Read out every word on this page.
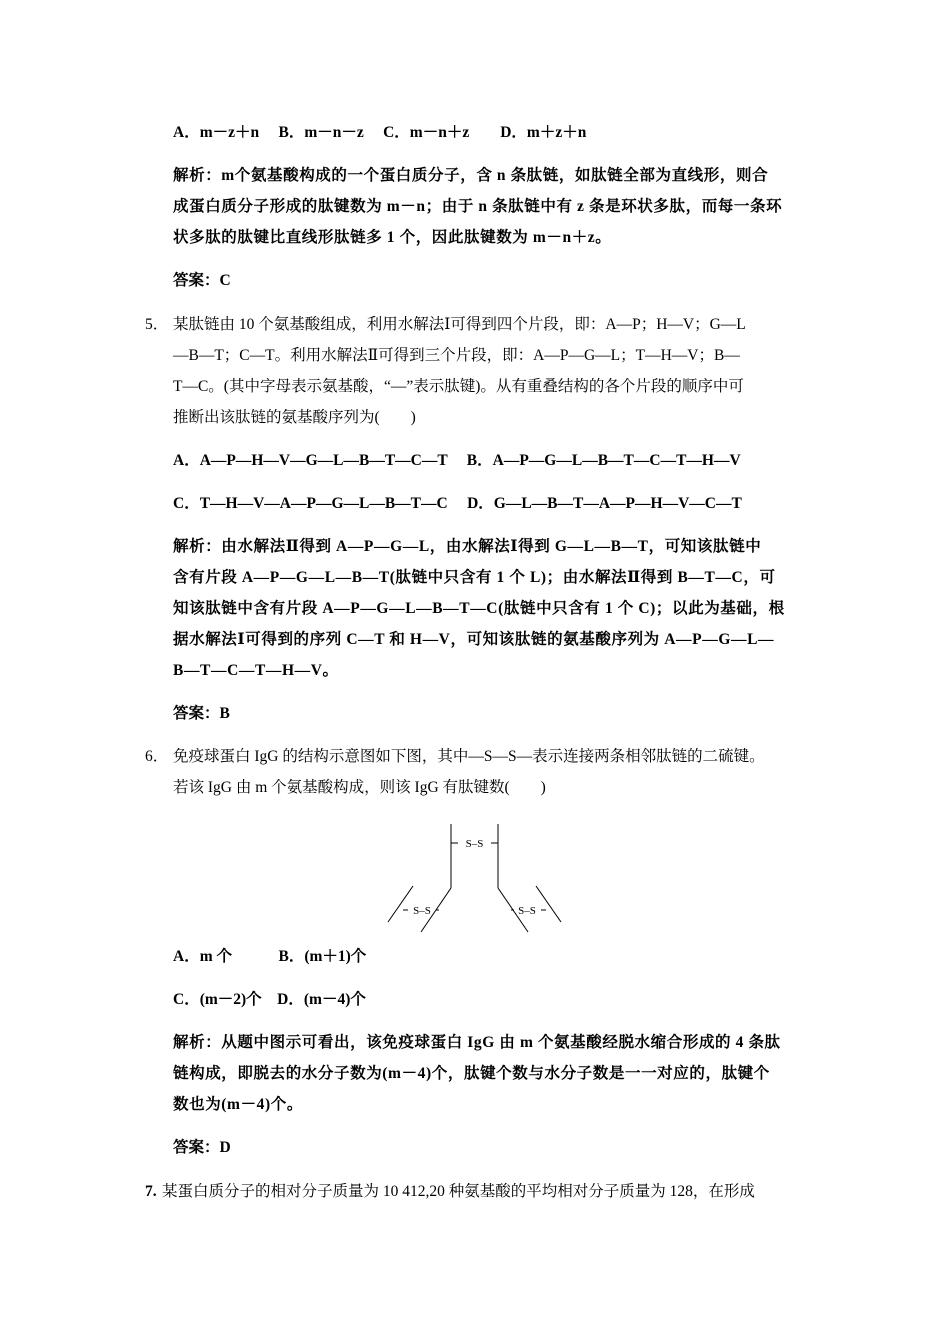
A．m－z＋n　 B．m－n－z　 C．m－n＋z　　D．m＋z＋n
解析：m个氨基酸构成的一个蛋白质分子，含 n 条肽链，如肽链全部为直线形，则合
成蛋白质分子形成的肽键数为 m－n；由于 n 条肽链中有 z 条是环状多肽，而每一条环
状多肽的肽键比直线形肽链多 1 个，因此肽键数为 m－n＋z。
答案：C
5． 某肽链由 10 个氨基酸组成，利用水解法Ⅰ可得到四个片段，即：A—P；H—V；G—L
—B—T；C—T。利用水解法Ⅱ可得到三个片段，即：A—P—G—L；T—H—V；B—
T—C。(其中字母表示氨基酸，“—”表示肽键)。从有重叠结构的各个片段的顺序中可
推断出该肽链的氨基酸序列为(　　)
A．A—P—H—V—G—L—B—T—C—T　 B．A—P—G—L—B—T—C—T—H—V
C．T—H—V—A—P—G—L—B—T—C　 D．G—L—B—T—A—P—H—V—C—T
解析：由水解法Ⅱ得到 A—P—G—L，由水解法Ⅰ得到 G—L—B—T，可知该肽链中
含有片段 A—P—G—L—B—T(肽链中只含有 1 个 L)；由水解法Ⅱ得到 B—T—C，可
知该肽链中含有片段 A—P—G—L—B—T—C(肽链中只含有 1 个 C)；以此为基础，根
据水解法Ⅰ可得到的序列 C—T 和 H—V，可知该肽链的氨基酸序列为 A—P—G—L—
B—T—C—T—H—V。
答案：B
6． 免疫球蛋白 IgG 的结构示意图如下图，其中—S—S—表示连接两条相邻肽链的二硫键。
若该 IgG 由 m 个氨基酸构成，则该 IgG 有肽键数(　　)
S–S
S–S	S–S
A．m 个　　　B．(m＋1)个
C．(m－2)个　D．(m－4)个
解析：从题中图示可看出，该免疫球蛋白 IgG 由 m 个氨基酸经脱水缩合形成的 4 条肽
链构成，即脱去的水分子数为(m－4)个，肽键个数与水分子数是一一对应的，肽键个
数也为(m－4)个。
答案：D
7. 某蛋白质分子的相对分子质量为 10 412,20 种氨基酸的平均相对分子质量为 128，在形成
